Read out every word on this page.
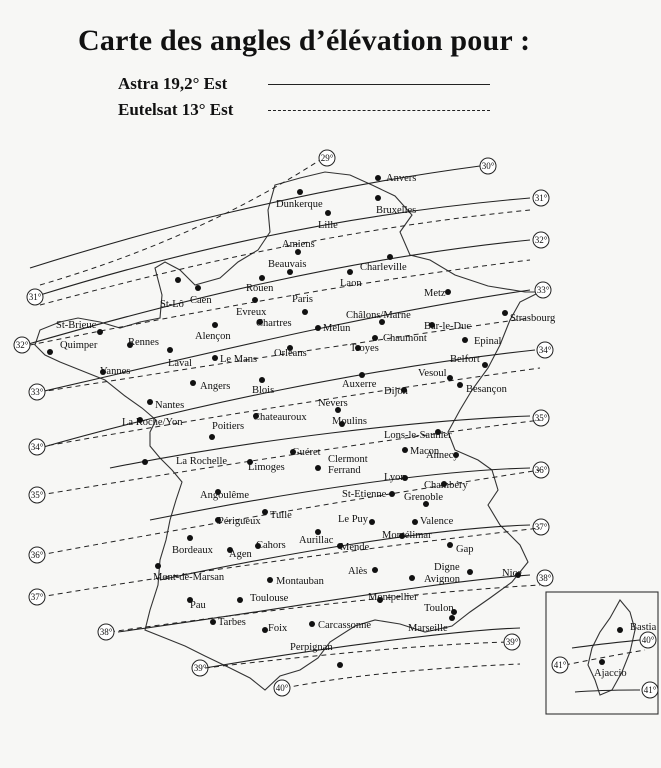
Carte des angles d’élévation pour :
Astra 19,2° Est
Eutelsat 13° Est
30°
31°
32°
33°
34°
35°
36°
37°
38°
39°
40°
41°
29°
31°
32°
33°
34°
35°
36°
37°
38°
39°
40°
41°
Anvers
Dunkerque
Bruxelles
Lille
Amiens
Beauvais	Charleville
Laon
Rouen
St-Lô Caen
Metz
Evreux
Paris
Châlons/Marne	Strasbourg
St-Brieuc	Chartres	Bar-le-Duc
Alençon
Melun
Chaumont	Epinal
Quimper	Rennes
Troyes
Orléans
Laval	Le Mans	Belfort
Vannes	Vesoul
Auxerre
Angers Blois	Besançon
Dijon
Nantes	Nevers
Chateauroux
La Roche/Yon	Poitiers	Moulins
Lons-le-Saunier
Guéret	Macon
La Rochelle
Limoges
Clermont Ferrand
Annecy
Lyon
Chambéry
Angoulême	St-Etienne Grenoble
Périgueux
Tulle	Le Puy	Valence
Bordeaux Agen
Cahors Aurillac
Mende
Montélimar
Gap
Mont-de-Marsan	Montauban
Alès	Digne
Avignon
Nice
Pau
Toulouse	Montpellier
Toulon
Tarbes
Foix	Carcassonne	Marseille
Perpignan
Bastia
Ajaccio
